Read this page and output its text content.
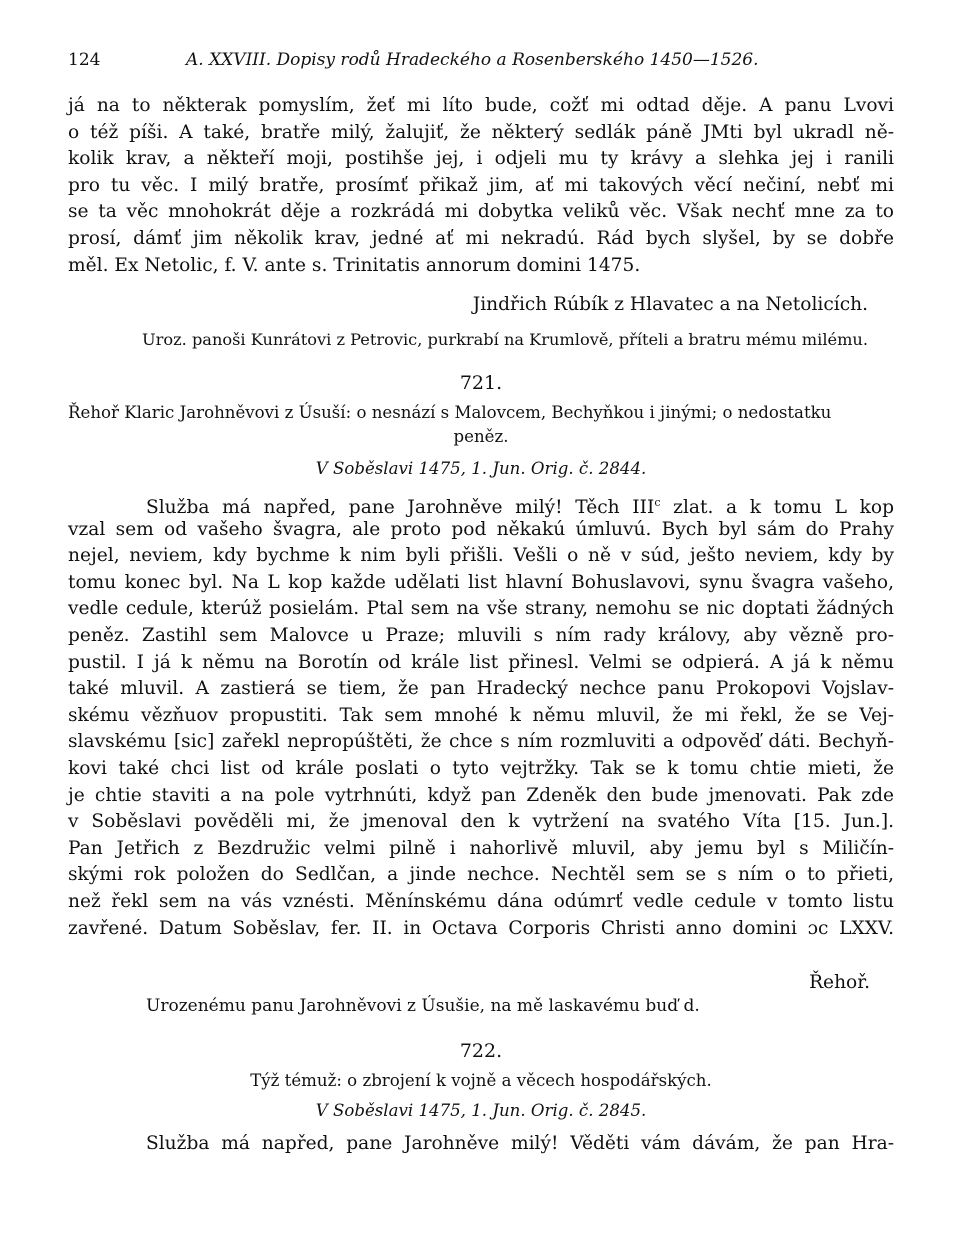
124	A. XXVIII. Dopisy rodů Hradeckého a Rosenberského 1450—1526.
já na to některak pomyslím, žeť mi líto bude, cožť mi odtad děje. A panu Lvovi
o též píši. A také, bratře milý, žalujiť, že některý sedlák páně JMti byl ukradl ně-
kolik krav, a někteří moji, postihše jej, i odjeli mu ty krávy a slehka jej i ranili
pro tu věc. I milý bratře, prosímť přikaž jim, ať mi takových věcí nečiní, nebť mi
se ta věc mnohokrát děje a rozkrádá mi dobytka veliků věc. Však nechť mne za to
prosí, dámť jim několik krav, jedné ať mi nekradú. Rád bych slyšel, by se dobře
měl. Ex Netolic, f. V. ante s. Trinitatis annorum domini 1475.
Jindřich Rúbík z Hlavatec a na Netolicích.
Uroz. panoši Kunrátovi z Petrovic, purkrabí na Krumlově, příteli a bratru mému milému.
721.
Řehoř Klaric Jarohněvovi z Úsuší: o nesnází s Malovcem, Bechyňkou i jinými; o nedostatku
peněz.
V Soběslavi 1475, 1. Jun. Orig. č. 2844.
Služba má napřed, pane Jarohněve milý! Těch III$^c$ zlat. a k tomu L kop
vzal sem od vašeho švagra, ale proto pod někakú úmluvú. Bych byl sám do Prahy
nejel, neviem, kdy bychme k nim byli přišli. Vešli o ně v súd, ješto neviem, kdy by
tomu konec byl. Na L kop každe udělati list hlavní Bohuslavovi, synu švagra vašeho,
vedle cedule, kterúž posielám. Ptal sem na vše strany, nemohu se nic doptati žádných
peněz. Zastihl sem Malovce u Praze; mluvili s ním rady královy, aby vězně pro-
pustil. I já k němu na Borotín od krále list přinesl. Velmi se odpierá. A já k němu
také mluvil. A zastierá se tiem, že pan Hradecký nechce panu Prokopovi Vojslav-
skému vězňuov propustiti. Tak sem mnohé k němu mluvil, že mi řekl, že se Vej-
slavskému [sic] zařekl nepropúštěti, že chce s ním rozmluviti a odpověď dáti. Bechyň-
kovi také chci list od krále poslati o tyto vejtržky. Tak se k tomu chtie mieti, že
je chtie staviti a na pole vytrhnúti, když pan Zdeněk den bude jmenovati. Pak zde
v Soběslavi pověděli mi, že jmenoval den k vytržení na svatého Víta [15. Jun.].
Pan Jetřich z Bezdružic velmi pilně i nahorlivě mluvil, aby jemu byl s Miličín-
skými rok položen do Sedlčan, a jinde nechce. Nechtěl sem se s ním o to přieti,
než řekl sem na vás vznésti. Měnínskému dána odúmrť vedle cedule v tomto listu
zavřené. Datum Soběslav, fer. II. in Octava Corporis Christi anno domini ɔc LXXV.
Řehoř.
Urozenému panu Jarohněvovi z Úsušie, na mě laskavému buď d.
722.
Týž témuž: o zbrojení k vojně a věcech hospodářských.
V Soběslavi 1475, 1. Jun. Orig. č. 2845.
Služba má napřed, pane Jarohněve milý! Věděti vám dávám, že pan Hra-
